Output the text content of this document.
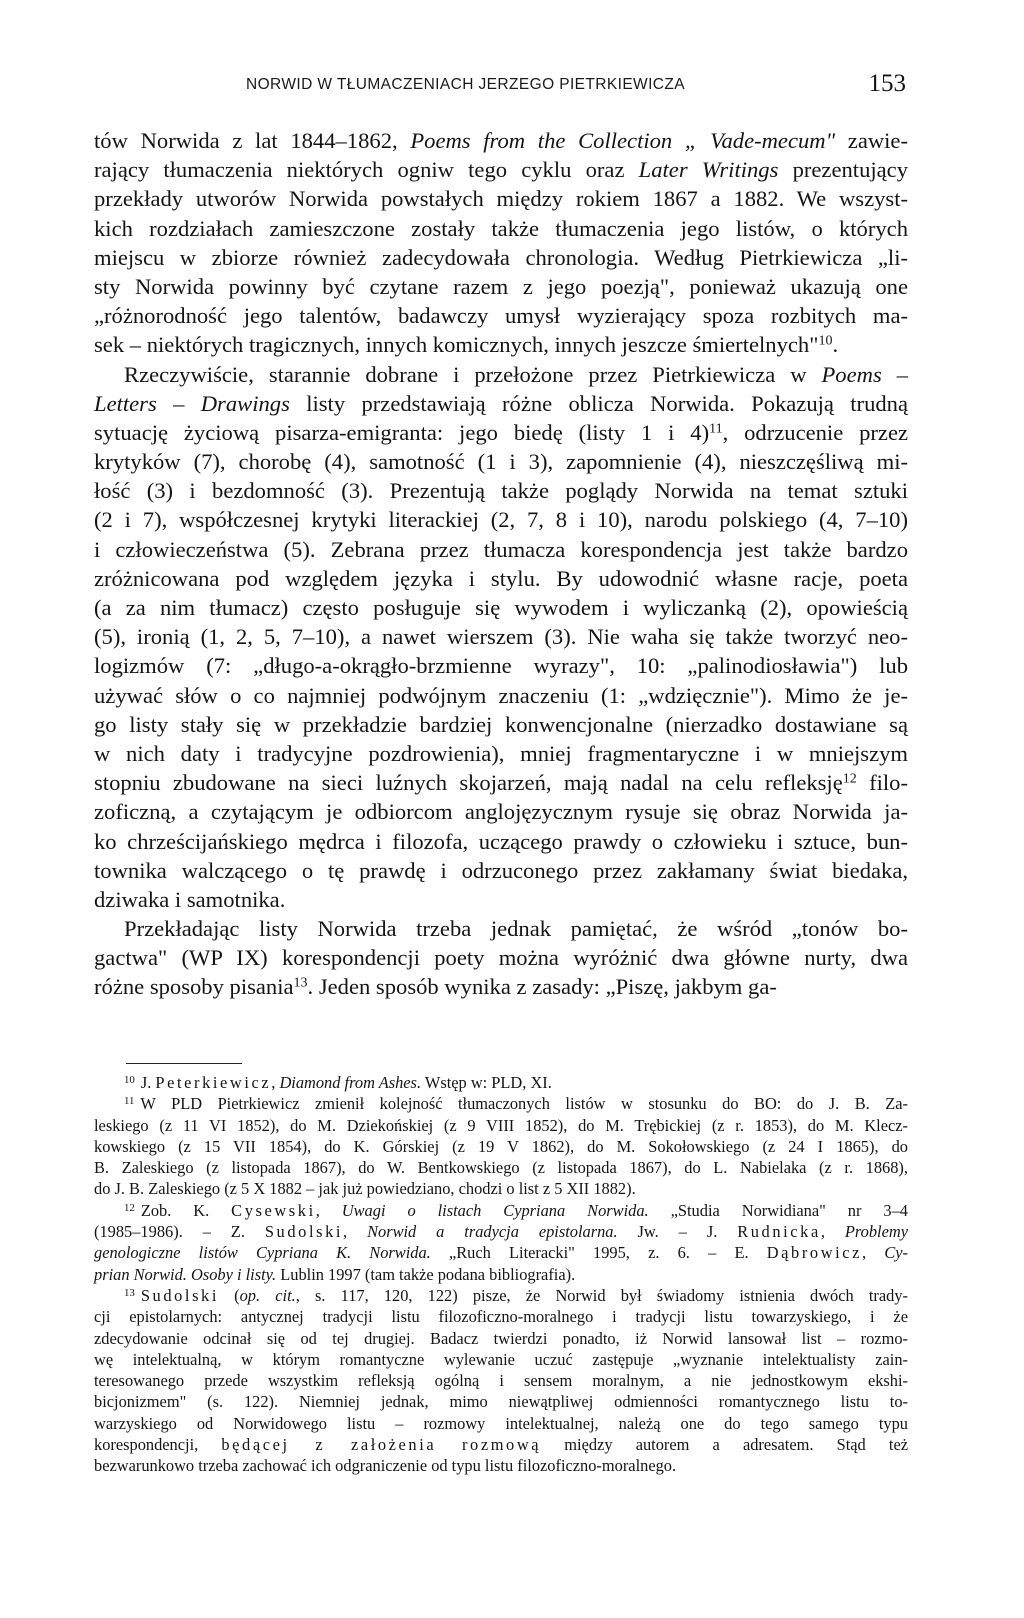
NORWID W TŁUMACZENIACH JERZEGO PIETRKIEWICZA	153
tów Norwida z lat 1844–1862, Poems from the Collection „ Vade-mecum" zawie-
rający tłumaczenia niektórych ogniw tego cyklu oraz Later Writings prezentujący
przekłady utworów Norwida powstałych między rokiem 1867 a 1882. We wszyst-
kich rozdziałach zamieszczone zostały także tłumaczenia jego listów, o których
miejscu w zbiorze również zadecydowała chronologia. Według Pietrkiewicza „li-
sty Norwida powinny być czytane razem z jego poezją", ponieważ ukazują one
„różnorodność jego talentów, badawczy umysł wyzierający spoza rozbitych ma-
sek – niektórych tragicznych, innych komicznych, innych jeszcze śmiertelnych"$^{10}$.
Rzeczywiście, starannie dobrane i przełożone przez Pietrkiewicza w Poems –
Letters – Drawings listy przedstawiają różne oblicza Norwida. Pokazują trudną
sytuację życiową pisarza-emigranta: jego biedę (listy 1 i 4)$^{11}$, odrzucenie przez
krytyków (7), chorobę (4), samotność (1 i 3), zapomnienie (4), nieszczęśliwą mi-
łość (3) i bezdomność (3). Prezentują także poglądy Norwida na temat sztuki
(2 i 7), współczesnej krytyki literackiej (2, 7, 8 i 10), narodu polskiego (4, 7–10)
i człowieczeństwa (5). Zebrana przez tłumacza korespondencja jest także bardzo
zróżnicowana pod względem języka i stylu. By udowodnić własne racje, poeta
(a za nim tłumacz) często posługuje się wywodem i wyliczanką (2), opowieścią
(5), ironią (1, 2, 5, 7–10), a nawet wierszem (3). Nie waha się także tworzyć neo-
logizmów (7: „długo-a-okrągło-brzmienne wyrazy", 10: „palinodiosławia") lub
używać słów o co najmniej podwójnym znaczeniu (1: „wdzięcznie"). Mimo że je-
go listy stały się w przekładzie bardziej konwencjonalne (nierzadko dostawiane są
w nich daty i tradycyjne pozdrowienia), mniej fragmentaryczne i w mniejszym
stopniu zbudowane na sieci luźnych skojarzeń, mają nadal na celu refleksję$^{12}$ filo-
zoficzną, a czytającym je odbiorcom anglojęzycznym rysuje się obraz Norwida ja-
ko chrześcijańskiego mędrca i filozofa, uczącego prawdy o człowieku i sztuce, bun-
townika walczącego o tę prawdę i odrzuconego przez zakłamany świat biedaka,
dziwaka i samotnika.
Przekładając listy Norwida trzeba jednak pamiętać, że wśród „tonów bo-
gactwa" (WP IX) korespondencji poety można wyróżnić dwa główne nurty, dwa
różne sposoby pisania$^{13}$. Jeden sposób wynika z zasady: „Piszę, jakbym ga-
$^{10}$ J. Peterkiewicz, Diamond from Ashes. Wstęp w: PLD, XI.
$^{11}$ W PLD Pietrkiewicz zmienił kolejność tłumaczonych listów w stosunku do BO: do J. B. Za-
leskiego (z 11 VI 1852), do M. Dziekońskiej (z 9 VIII 1852), do M. Trębickiej (z r. 1853), do M. Klecz-
kowskiego (z 15 VII 1854), do K. Górskiej (z 19 V 1862), do M. Sokołowskiego (z 24 I 1865), do
B. Zaleskiego (z listopada 1867), do W. Bentkowskiego (z listopada 1867), do L. Nabielaka (z r. 1868),
do J. B. Zaleskiego (z 5 X 1882 – jak już powiedziano, chodzi o list z 5 XII 1882).
$^{12}$ Zob. K. Cysewski, Uwagi o listach Cypriana Norwida. „Studia Norwidiana" nr 3–4
(1985–1986). – Z. Sudolski, Norwid a tradycja epistolarna. Jw. – J. Rudnicka, Problemy
genologiczne listów Cypriana K. Norwida. „Ruch Literacki" 1995, z. 6. – E. Dąbrowicz, Cy-
prian Norwid. Osoby i listy. Lublin 1997 (tam także podana bibliografia).
$^{13}$ Sudolski (op. cit., s. 117, 120, 122) pisze, że Norwid był świadomy istnienia dwóch trady-
cji epistolarnych: antycznej tradycji listu filozoficzno-moralnego i tradycji listu towarzyskiego, i że
zdecydowanie odcinał się od tej drugiej. Badacz twierdzi ponadto, iż Norwid lansował list – rozmo-
wę intelektualną, w którym romantyczne wylewanie uczuć zastępuje „wyznanie intelektualisty zain-
teresowanego przede wszystkim refleksją ogólną i sensem moralnym, a nie jednostkowym ekshi-
bicjonizmem" (s. 122). Niemniej jednak, mimo niewątpliwej odmienności romantycznego listu to-
warzyskiego od Norwidowego listu – rozmowy intelektualnej, należą one do tego samego typu
korespondencji, będącej z założenia rozmową między autorem a adresatem. Stąd też
bezwarunkowo trzeba zachować ich odgraniczenie od typu listu filozoficzno-moralnego.
